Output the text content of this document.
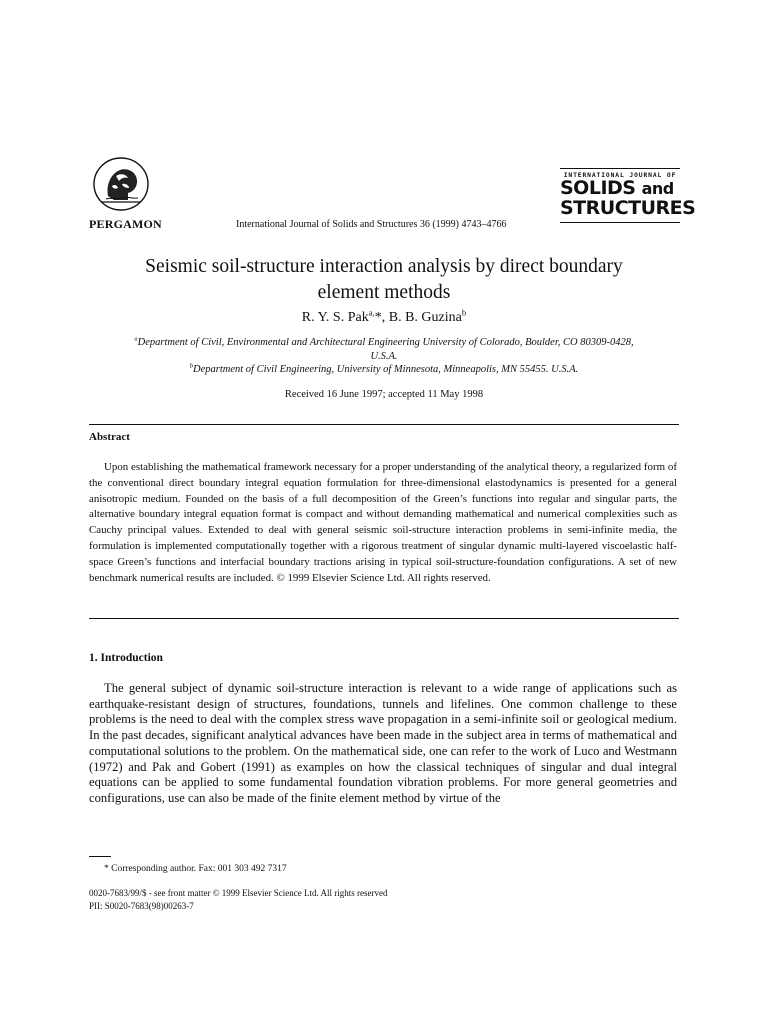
PERGAMON	International Journal of Solids and Structures 36 (1999) 4743–4766
INTERNATIONAL JOURNAL OF
SOLIDS and
STRUCTURES
Seismic soil-structure interaction analysis by direct boundary
element methods
R. Y. S. Pak$^{a,}$*, B. B. Guzina$^b$
$^a$Department of Civil, Environmental and Architectural Engineering University of Colorado, Boulder, CO 80309-0428,
U.S.A.
$^b$Department of Civil Engineering, University of Minnesota, Minneapolis, MN 55455. U.S.A.
Received 16 June 1997; accepted 11 May 1998
Abstract

Upon establishing the mathematical framework necessary for a proper understanding of the analytical theory, a regularized form of the conventional direct boundary integral equation formulation for three-dimensional elastodynamics is presented for a general anisotropic medium. Founded on the basis of a full decomposition of the Green’s functions into regular and singular parts, the alternative boundary integral equation format is compact and without demanding mathematical and numerical complexities such as Cauchy principal values. Extended to deal with general seismic soil-structure interaction problems in semi-infinite media, the formulation is implemented computationally together with a rigorous treatment of singular dynamic multi-layered viscoelastic half-space Green’s functions and interfacial boundary tractions arising in typical soil-structure-foundation configurations. A set of new benchmark numerical results are included. © 1999 Elsevier Science Ltd. All rights reserved.

1. Introduction

The general subject of dynamic soil-structure interaction is relevant to a wide range of applications such as earthquake-resistant design of structures, foundations, tunnels and lifelines. One common challenge to these problems is the need to deal with the complex stress wave propagation in a semi-infinite soil or geological medium. In the past decades, significant analytical advances have been made in the subject area in terms of mathematical and computational solutions to the problem. On the mathematical side, one can refer to the work of Luco and Westmann (1972) and Pak and Gobert (1991) as examples on how the classical techniques of singular and dual integral equations can be applied to some fundamental foundation vibration problems. For more general geometries and configurations, use can also be made of the finite element method by virtue of the

* Corresponding author. Fax: 001 303 492 7317
0020-7683/99/$ - see front matter © 1999 Elsevier Science Ltd. All rights reserved
PII: S0020-7683(98)00263-7
